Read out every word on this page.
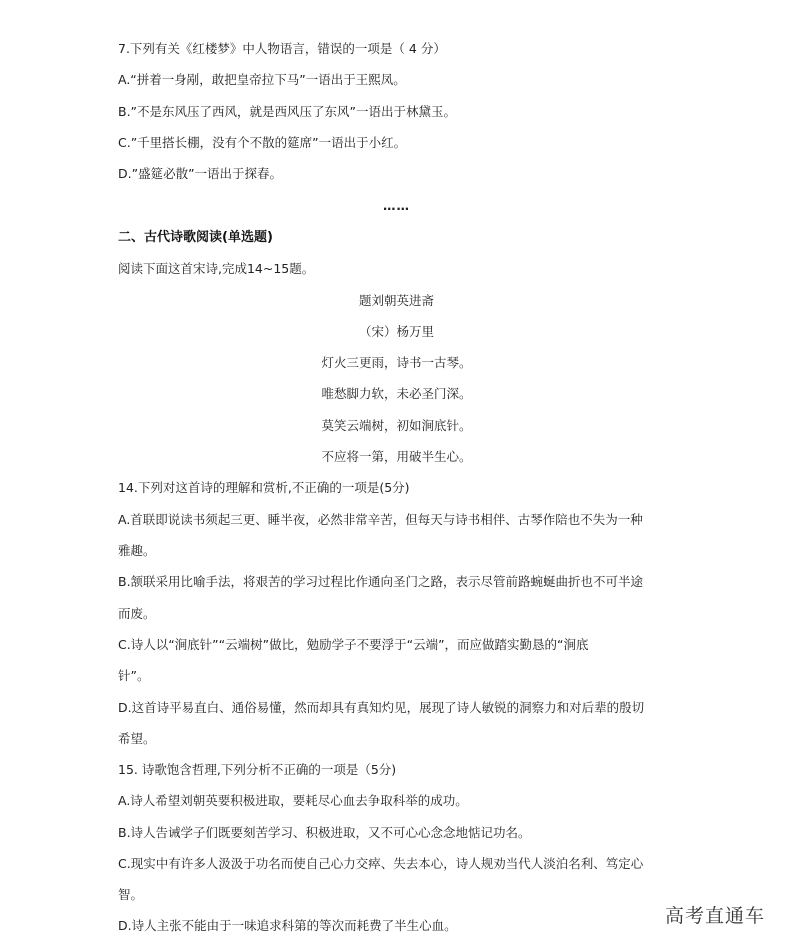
7.下列有关《红楼梦》中人物语言，错误的一项是（ 4 分）
A.“拼着一身剐，敢把皇帝拉下马”一语出于王熙凤。
B.”不是东风压了西风，就是西风压了东风”一语出于林黛玉。
C.”千里搭长棚，没有个不散的筵席”一语出于小红。
D.”盛筵必散”一语出于探春。
……
二、古代诗歌阅读(单选题)
阅读下面这首宋诗,完成14~15题。
题刘朝英进斋
（宋）杨万里
灯火三更雨，诗书一古琴。
唯愁脚力软，未必圣门深。
莫笑云端树，初如涧底针。
不应将一第，用破半生心。
14.下列对这首诗的理解和赏析,不正确的一项是(5分)
A.首联即说读书须起三更、睡半夜，必然非常辛苦，但每天与诗书相伴、古琴作陪也不失为一种
雅趣。
B.颔联采用比喻手法，将艰苦的学习过程比作通向圣门之路，表示尽管前路蜿蜒曲折也不可半途
而废。
C.诗人以“涧底针”“云端树”做比，勉励学子不要浮于“云端”，而应做踏实勤恳的“涧底
针”。
D.这首诗平易直白、通俗易懂，然而却具有真知灼见，展现了诗人敏锐的洞察力和对后辈的殷切
希望。
15. 诗歌饱含哲理,下列分析不正确的一项是（5分)
A.诗人希望刘朝英要积极进取，要耗尽心血去争取科举的成功。
B.诗人告诫学子们既要刻苦学习、积极进取，又不可心心念念地惦记功名。
C.现实中有许多人汲汲于功名而使自己心力交瘁、失去本心，诗人规劝当代人淡泊名利、笃定心
智。
D.诗人主张不能由于一味追求科第的等次而耗费了半生心血。	高考直通车
